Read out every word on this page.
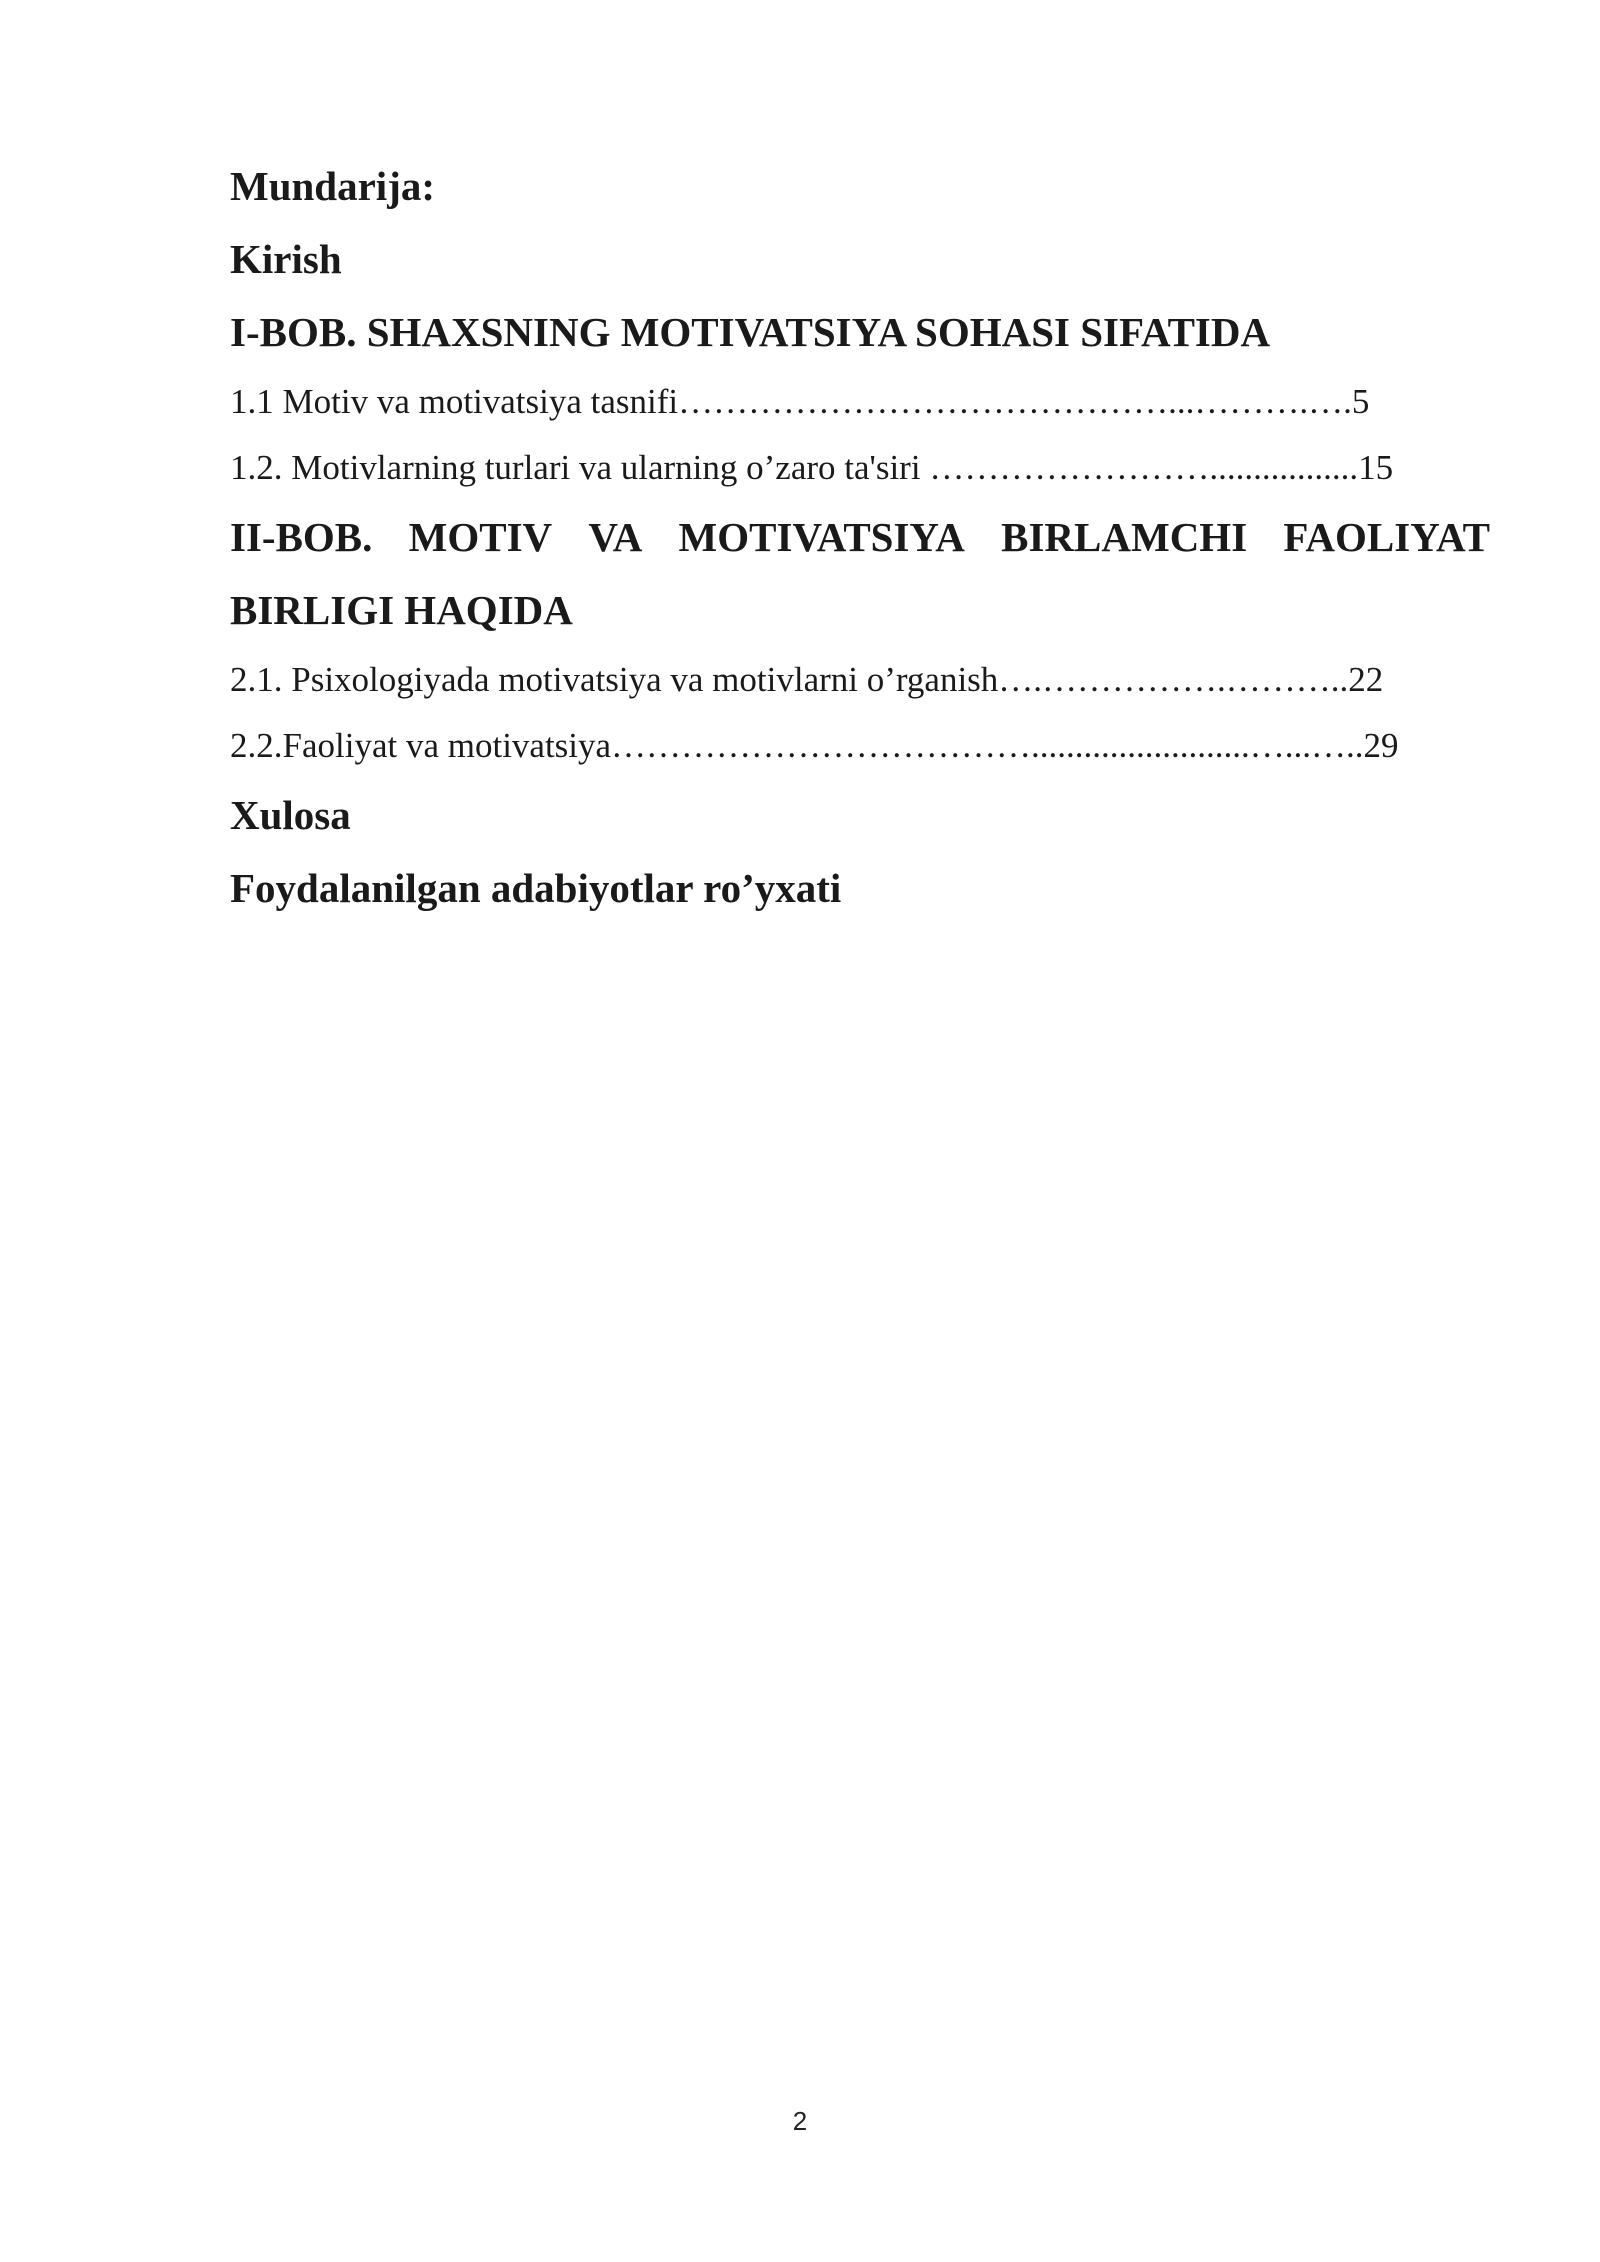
Mundarija:
Kirish
I-BOB. SHAXSNING MOTIVATSIYA SOHASI SIFATIDA
1.1 Motiv va motivatsiya tasnifi……………………………………...……….….5
1.2. Motivlarning turlari va ularning o’zaro ta'siri …………………….................15
II-BOB. MOTIV VA MOTIVATSIYA BIRLAMCHI FAOLIYAT
BIRLIGI HAQIDA
2.1. Psixologiyada motivatsiya va motivlarni o’rganish….…………….………..22
2.2.Faoliyat va motivatsiya……………………………….........................…...…..29
Xulosa
Foydalanilgan adabiyotlar ro’yxati
2
